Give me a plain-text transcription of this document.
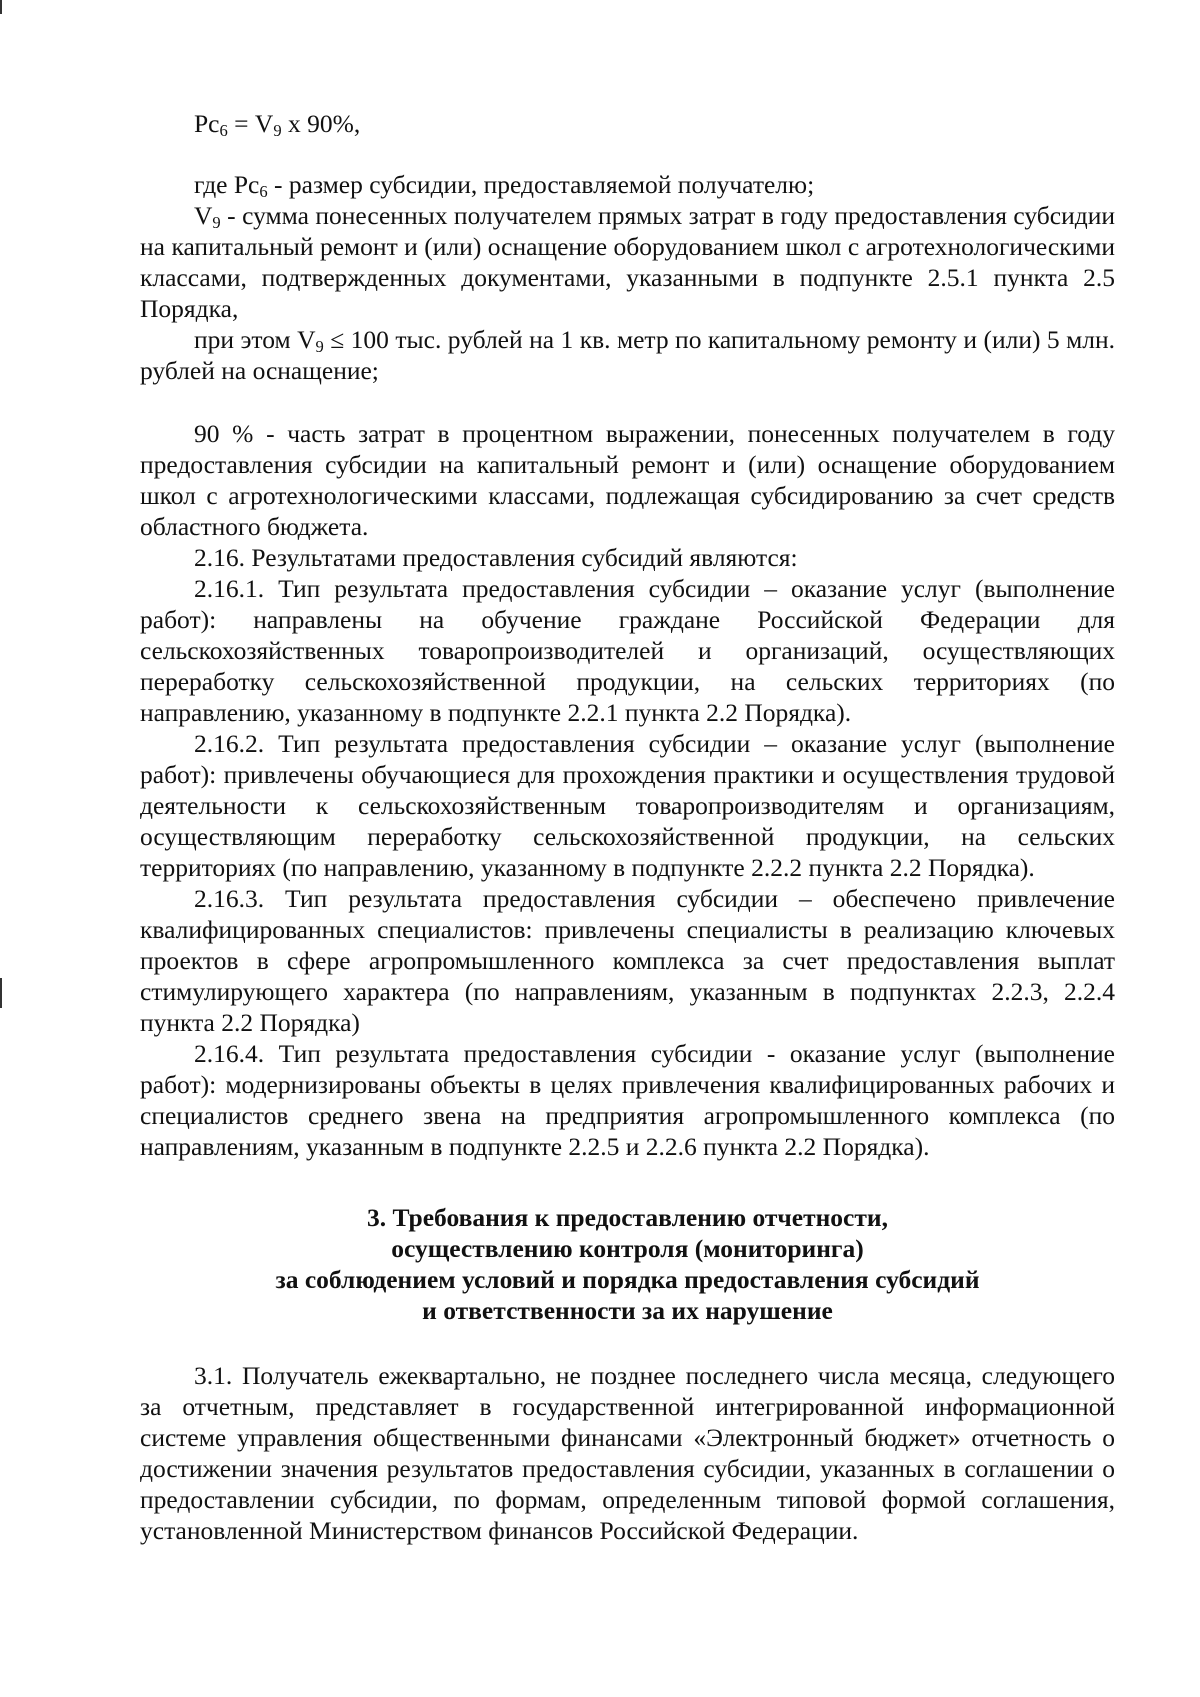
$Рс_6 = V_9$ x 90%,

где $Рс_6$ - размер субсидии, предоставляемой получателю;

$V_9$ - сумма понесенных получателем прямых затрат в году предоставления субсидии на капитальный ремонт и (или) оснащение оборудованием школ с агротехнологическими классами, подтвержденных документами, указанными в подпункте 2.5.1 пункта 2.5 Порядка,

при этом $V_9 \le 100$ тыс. рублей на 1 кв. метр по капитальному ремонту и (или) 5 млн. рублей на оснащение;

90 % - часть затрат в процентном выражении, понесенных получателем в году предоставления субсидии на капитальный ремонт и (или) оснащение оборудованием школ с агротехнологическими классами, подлежащая субсидированию за счет средств областного бюджета.

2.16. Результатами предоставления субсидий являются:

2.16.1. Тип результата предоставления субсидии – оказание услуг (выполнение работ): направлены на обучение граждане Российской Федерации для сельскохозяйственных товаропроизводителей и организаций, осуществляющих переработку сельскохозяйственной продукции, на сельских территориях (по направлению, указанному в подпункте 2.2.1 пункта 2.2 Порядка).

2.16.2. Тип результата предоставления субсидии – оказание услуг (выполнение работ): привлечены обучающиеся для прохождения практики и осуществления трудовой деятельности к сельскохозяйственным товаропроизводителям и организациям, осуществляющим переработку сельскохозяйственной продукции, на сельских территориях (по направлению, указанному в подпункте 2.2.2 пункта 2.2 Порядка).

2.16.3. Тип результата предоставления субсидии – обеспечено привлечение квалифицированных специалистов: привлечены специалисты в реализацию ключевых проектов в сфере агропромышленного комплекса за счет предоставления выплат стимулирующего характера (по направлениям, указанным в подпунктах 2.2.3, 2.2.4 пункта 2.2 Порядка)

2.16.4. Тип результата предоставления субсидии - оказание услуг (выполнение работ): модернизированы объекты в целях привлечения квалифицированных рабочих и специалистов среднего звена на предприятия агропромышленного комплекса (по направлениям, указанным в подпункте 2.2.5 и 2.2.6 пункта 2.2 Порядка).

3. Требования к предоставлению отчетности,
осуществлению контроля (мониторинга)
за соблюдением условий и порядка предоставления субсидий
и ответственности за их нарушение

3.1. Получатель ежеквартально, не позднее последнего числа месяца, следующего за отчетным, представляет в государственной интегрированной информационной системе управления общественными финансами «Электронный бюджет» отчетность о достижении значения результатов предоставления субсидии, указанных в соглашении о предоставлении субсидии, по формам, определенным типовой формой соглашения, установленной Министерством финансов Российской Федерации.
